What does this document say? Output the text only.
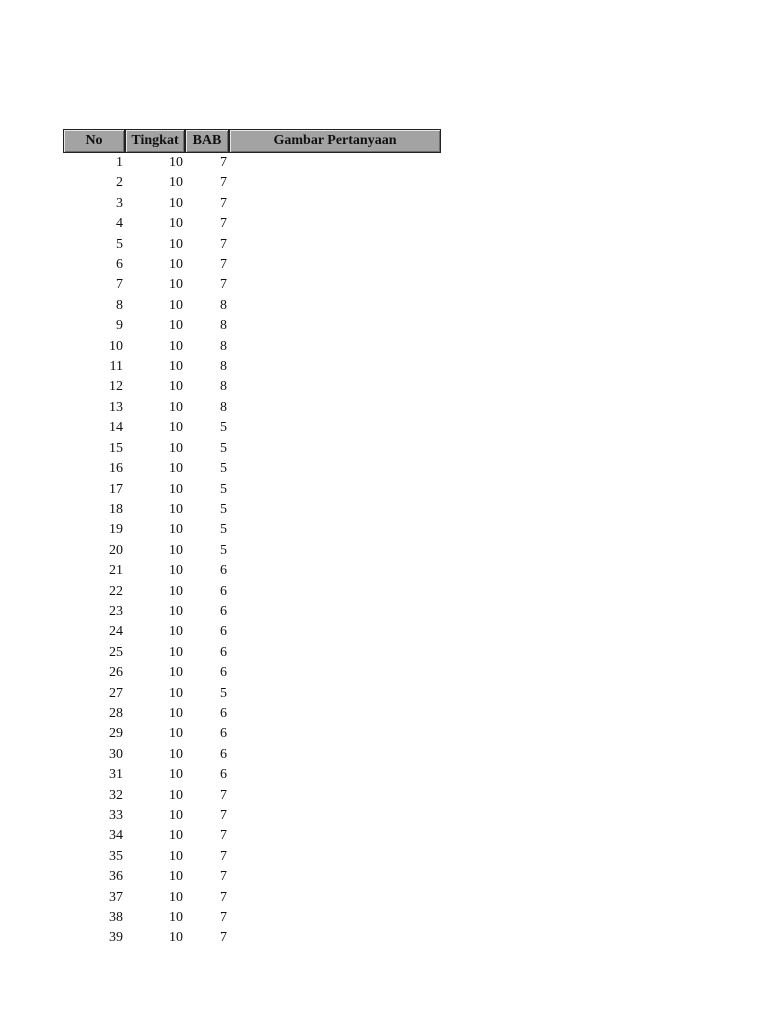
No	Tingkat	BAB	Gambar Pertanyaan
1	10	7	
2	10	7	
3	10	7	
4	10	7	
5	10	7	
6	10	7	
7	10	7	
8	10	8	
9	10	8	
10	10	8	
11	10	8	
12	10	8	
13	10	8	
14	10	5	
15	10	5	
16	10	5	
17	10	5	
18	10	5	
19	10	5	
20	10	5	
21	10	6	
22	10	6	
23	10	6	
24	10	6	
25	10	6	
26	10	6	
27	10	5	
28	10	6	
29	10	6	
30	10	6	
31	10	6	
32	10	7	
33	10	7	
34	10	7	
35	10	7	
36	10	7	
37	10	7	
38	10	7	
39	10	7	
